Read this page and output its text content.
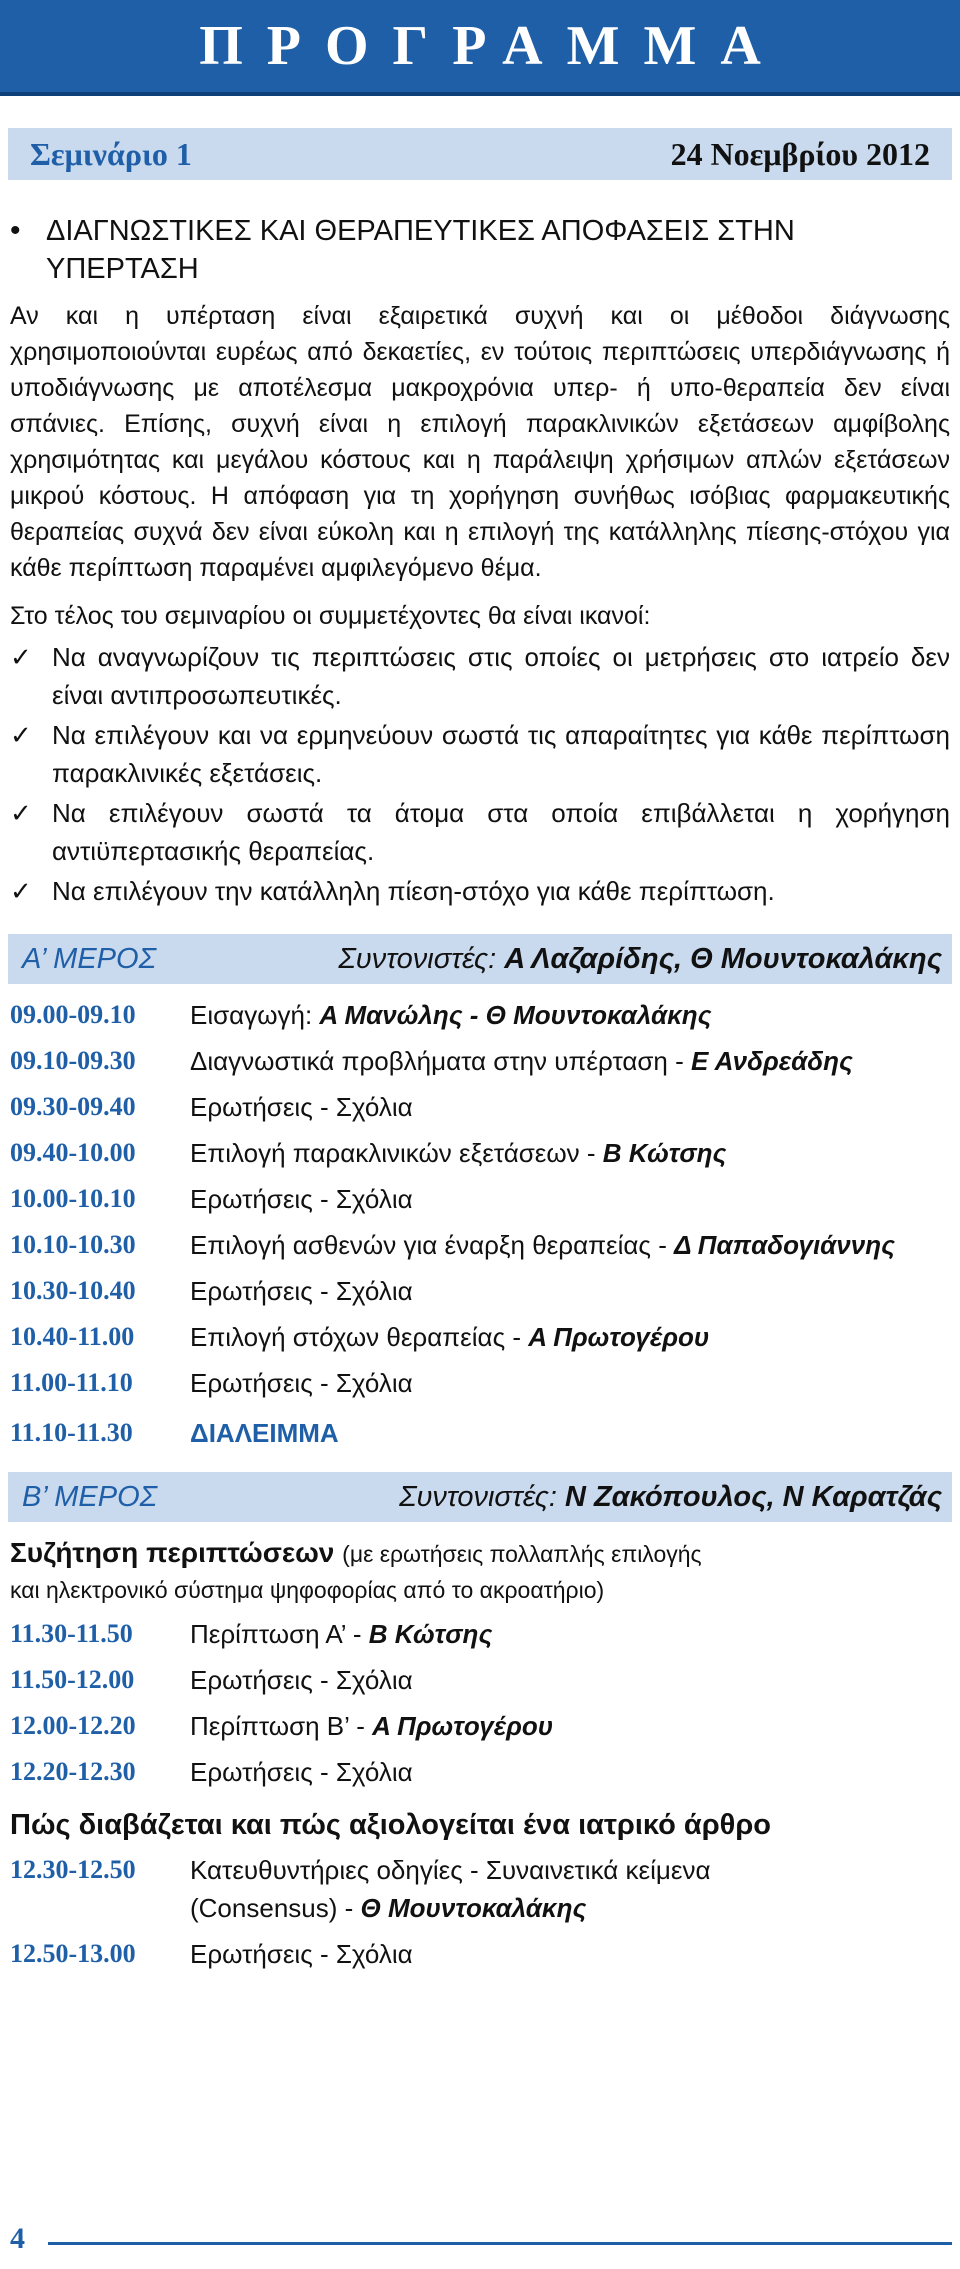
ΠΡΟΓΡΑΜΜΑ
Σεμινάριο 1	24 Νοεμβρίου 2012
• ΔΙΑΓΝΩΣΤΙΚΕΣ ΚΑΙ ΘΕΡΑΠΕΥΤΙΚΕΣ ΑΠΟΦΑΣΕΙΣ ΣΤΗΝ ΥΠΕΡΤΑΣΗ
Αν και η υπέρταση είναι εξαιρετικά συχνή και οι μέθοδοι διάγνωσης χρησιμοποιούνται ευρέως από δεκαετίες, εν τούτοις περιπτώσεις υπερδιάγνωσης ή υποδιάγνωσης με αποτέλεσμα μακροχρόνια υπερ- ή υπο-θεραπεία δεν είναι σπάνιες. Επίσης, συχνή είναι η επιλογή παρακλινικών εξετάσεων αμφίβολης χρησιμότητας και μεγάλου κόστους και η παράλειψη χρήσιμων απλών εξετάσεων μικρού κόστους. Η απόφαση για τη χορήγηση συνήθως ισόβιας φαρμακευτικής θεραπείας συχνά δεν είναι εύκολη και η επιλογή της κατάλληλης πίεσης-στόχου για κάθε περίπτωση παραμένει αμφιλεγόμενο θέμα.
Στο τέλος του σεμιναρίου οι συμμετέχοντες θα είναι ικανοί:
✓ Να αναγνωρίζουν τις περιπτώσεις στις οποίες οι μετρήσεις στο ιατρείο δεν είναι αντιπροσωπευτικές.
✓ Να επιλέγουν και να ερμηνεύουν σωστά τις απαραίτητες για κάθε περίπτωση παρακλινικές εξετάσεις.
✓ Να επιλέγουν σωστά τα άτομα στα οποία επιβάλλεται η χορήγηση αντιϋπερτασικής θεραπείας.
✓ Να επιλέγουν την κατάλληλη πίεση-στόχο για κάθε περίπτωση.
Α’ ΜΕΡΟΣ	Συντονιστές: Α Λαζαρίδης, Θ Μουντοκαλάκης
09.00-09.10	Εισαγωγή: Α Μανώλης - Θ Μουντοκαλάκης
09.10-09.30	Διαγνωστικά προβλήματα στην υπέρταση - Ε Ανδρεάδης
09.30-09.40	Ερωτήσεις - Σχόλια
09.40-10.00	Επιλογή παρακλινικών εξετάσεων - Β Κώτσης
10.00-10.10	Ερωτήσεις - Σχόλια
10.10-10.30	Επιλογή ασθενών για έναρξη θεραπείας - Δ Παπαδογιάννης
10.30-10.40	Ερωτήσεις - Σχόλια
10.40-11.00	Επιλογή στόχων θεραπείας - Α Πρωτογέρου
11.00-11.10	Ερωτήσεις - Σχόλια
11.10-11.30	ΔΙΑΛΕΙΜΜΑ
Β’ ΜΕΡΟΣ	Συντονιστές: Ν Ζακόπουλος, Ν Καρατζάς
Συζήτηση περιπτώσεων (με ερωτήσεις πολλαπλής επιλογής
και ηλεκτρονικό σύστημα ψηφοφορίας από το ακροατήριο)
11.30-11.50	Περίπτωση Α’ - Β Κώτσης
11.50-12.00	Ερωτήσεις - Σχόλια
12.00-12.20	Περίπτωση Β’ - Α Πρωτογέρου
12.20-12.30	Ερωτήσεις - Σχόλια
Πώς διαβάζεται και πώς αξιολογείται ένα ιατρικό άρθρο
12.30-12.50	Κατευθυντήριες οδηγίες - Συναινετικά κείμενα
(Consensus) - Θ Μουντοκαλάκης
12.50-13.00	Ερωτήσεις - Σχόλια
4
